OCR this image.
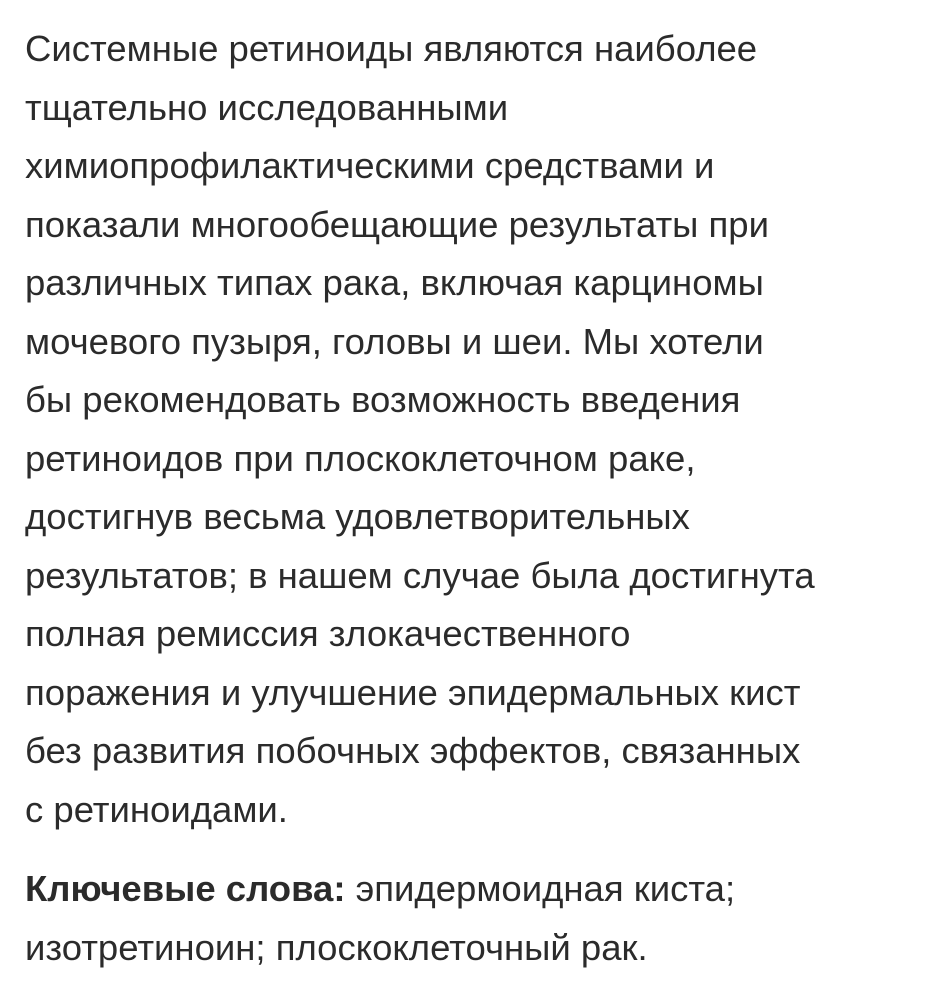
Системные ретиноиды являются наиболее
тщательно исследованными
химиопрофилактическими средствами и
показали многообещающие результаты при
различных типах рака, включая карциномы
мочевого пузыря, головы и шеи. Мы хотели
бы рекомендовать возможность введения
ретиноидов при плоскоклеточном раке,
достигнув весьма удовлетворительных
результатов; в нашем случае была достигнута
полная ремиссия злокачественного
поражения и улучшение эпидермальных кист
без развития побочных эффектов, связанных
с ретиноидами.
Ключевые слова: эпидермоидная киста;
изотретиноин; плоскоклеточный рак.
